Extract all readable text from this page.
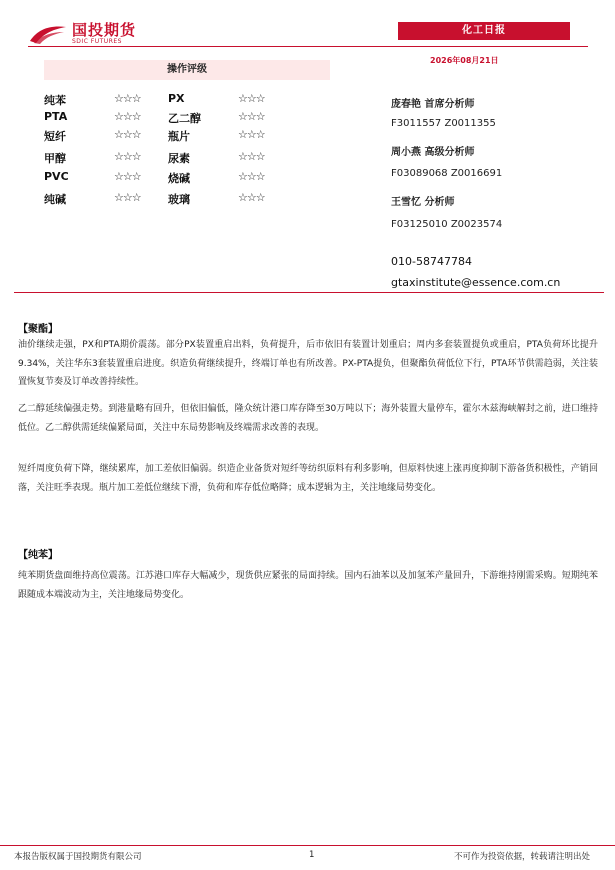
国投期货
SDIC FUTURES
化工日报
2026年08月21日
操作评级
纯苯	☆☆☆ PX	☆☆☆
PTA	☆☆☆ 乙二醇	☆☆☆
短纤	☆☆☆ 瓶片	☆☆☆
甲醇	☆☆☆ 尿素	☆☆☆
PVC	☆☆☆ 烧碱	☆☆☆
纯碱	☆☆☆ 玻璃	☆☆☆
庞春艳 首席分析师
F3011557 Z0011355
周小燕 高级分析师
F03089068 Z0016691
王雪忆 分析师
F03125010 Z0023574
010-58747784
gtaxinstitute@essence.com.cn
【聚酯】
油价继续走强，PX和PTA期价震荡。部分PX装置重启出料，负荷提升，后市依旧有装置计划重启；周内多套装置提负或重启，PTA负荷环比提升9.34%，关注华东3套装置重启进度。织造负荷继续提升，终端订单也有所改善。PX-PTA提负，但聚酯负荷低位下行，PTA环节供需趋弱，关注装置恢复节奏及订单改善持续性。
乙二醇延续偏强走势。到港量略有回升，但依旧偏低，隆众统计港口库存降至30万吨以下；海外装置大量停车，霍尔木兹海峡解封之前，进口维持低位。乙二醇供需延续偏紧局面，关注中东局势影响及终端需求改善的表现。
短纤周度负荷下降，继续累库，加工差依旧偏弱。织造企业备货对短纤等纺织原料有利多影响，但原料快速上涨再度抑制下游备货积极性，产销回落，关注旺季表现。瓶片加工差低位继续下滑，负荷和库存低位略降；成本逻辑为主，关注地缘局势变化。
【纯苯】
纯苯期货盘面维持高位震荡。江苏港口库存大幅减少，现货供应紧张的局面持续。国内石油苯以及加氢苯产量回升，下游维持刚需采购。短期纯苯跟随成本端波动为主，关注地缘局势变化。
本报告版权属于国投期货有限公司	1	不可作为投资依据，转载请注明出处
